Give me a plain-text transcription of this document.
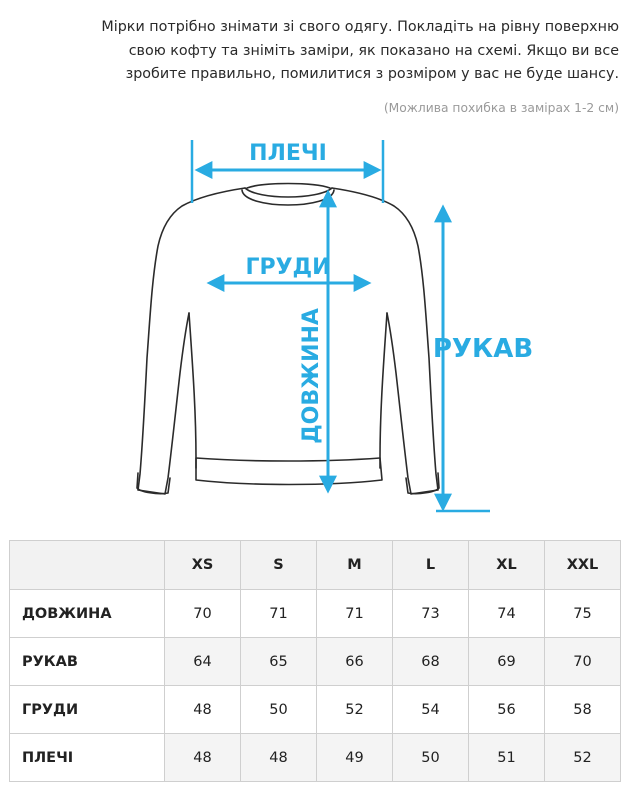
Мірки потрібно знімати зі свого одягу. Покладіть на рівну поверхню
свою кофту та зніміть заміри, як показано на схемі. Якщо ви все
зробите правильно, помилитися з розміром у вас не буде шансу.
(Можлива похибка в замірах 1-2 см)
ПЛЕЧІ
ГРУДИ
ДОВЖИНА	РУКАВ
	XS	S	M	L	XL	XXL
ДОВЖИНА	70	71	71	73	74	75
РУКАВ	64	65	66	68	69	70
ГРУДИ	48	50	52	54	56	58
ПЛЕЧІ	48	48	49	50	51	52
